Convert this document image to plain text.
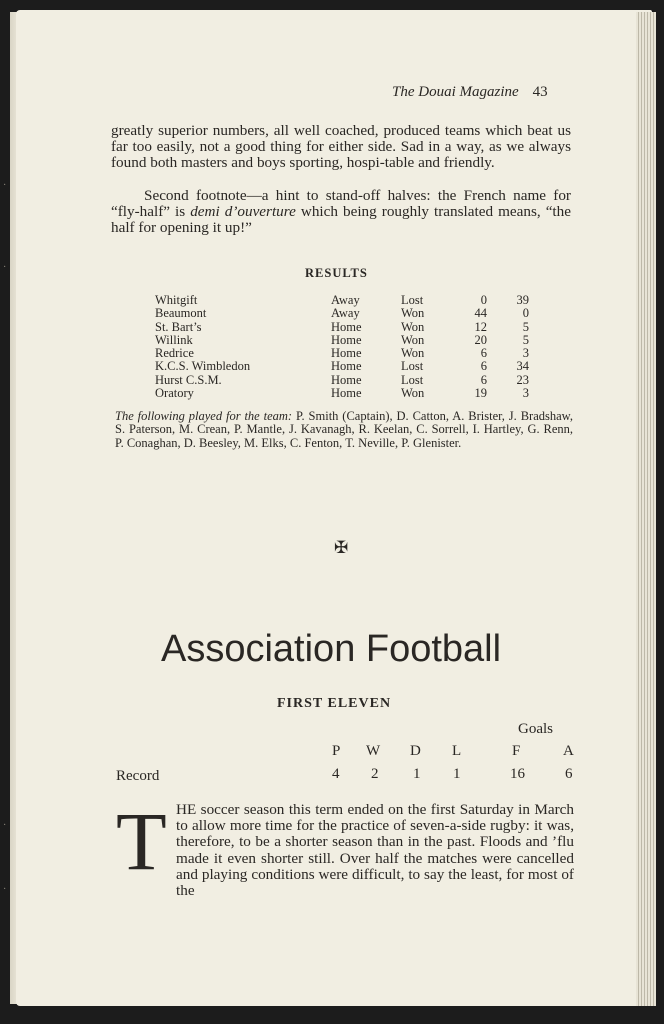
·
·
·
·
The Douai Magazine 43
greatly superior numbers, all well coached, produced teams which beat us far too easily, not a good thing for either side. Sad in a way, as we always found both masters and boys sporting, hospi-table and friendly.
Second footnote—a hint to stand-off halves: the French name for “fly-half” is demi d’ouverture which being roughly translated means, “the half for opening it up!”
RESULTS
Whitgift	Away	Lost	0	39
Beaumont	Away	Won	44	0
St. Bart’s	Home	Won	12	5
Willink	Home	Won	20	5
Redrice	Home	Won	6	3
K.C.S. Wimbledon	Home	Lost	6	34
Hurst C.S.M.	Home	Lost	6	23
Oratory	Home	Won	19	3
The following played for the team: P. Smith (Captain), D. Catton, A. Brister, J. Bradshaw, S. Paterson, M. Crean, P. Mantle, J. Kavanagh, R. Keelan, C. Sorrell, I. Hartley, G. Renn, P. Conaghan, D. Beesley, M. Elks, C. Fenton, T. Neville, P. Glenister.
✠
Association Football
FIRST ELEVEN
Goals
P W D L	F	A
Record	4 2 1 1	16	6
T HE soccer season this term ended on the first Saturday in March to allow more time for the practice of seven-a-side rugby: it was, therefore, to be a shorter season than in the past. Floods and ’flu made it even shorter still. Over half the matches were cancelled and playing conditions were difficult, to say the least, for most of the
